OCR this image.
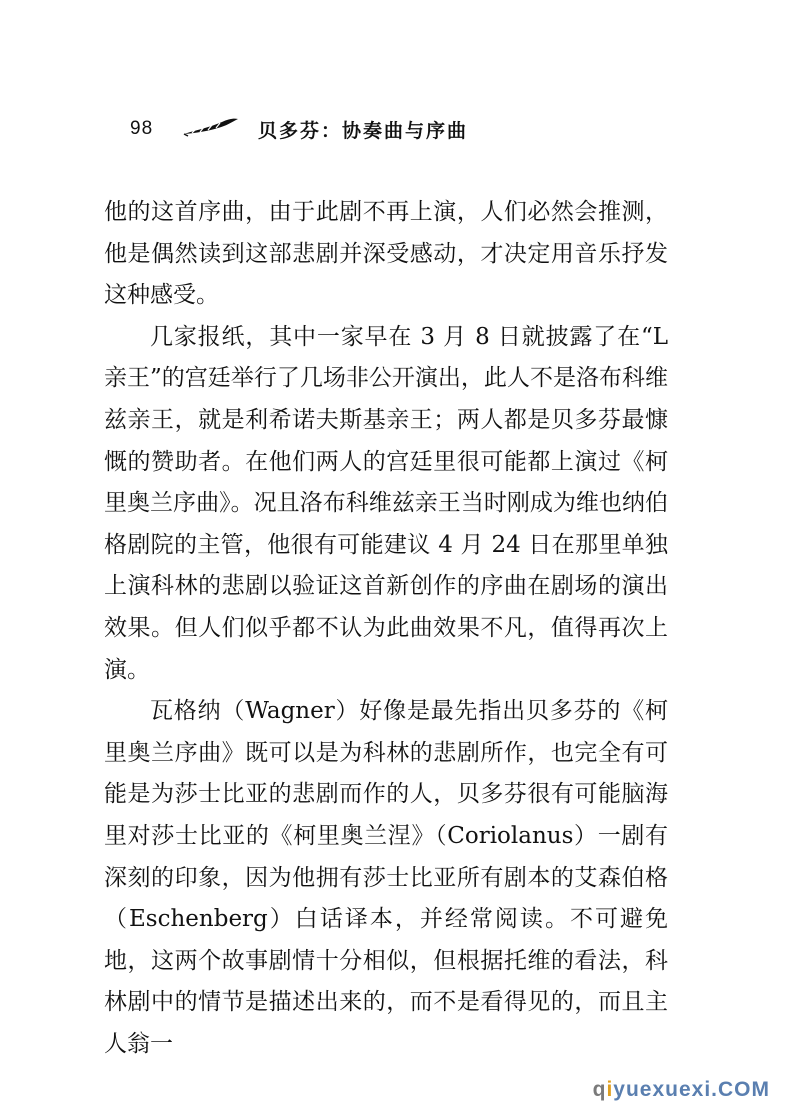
98	贝多芬：协奏曲与序曲

他的这首序曲，由于此剧不再上演，人们必然会推测，他是偶然读到这部悲剧并深受感动，才决定用音乐抒发这种感受。

几家报纸，其中一家早在 3 月 8 日就披露了在“L 亲王”的宫廷举行了几场非公开演出，此人不是洛布科维兹亲王，就是利希诺夫斯基亲王；两人都是贝多芬最慷慨的赞助者。在他们两人的宫廷里很可能都上演过《柯里奥兰序曲》。况且洛布科维兹亲王当时刚成为维也纳伯格剧院的主管，他很有可能建议 4 月 24 日在那里单独上演科林的悲剧以验证这首新创作的序曲在剧场的演出效果。但人们似乎都不认为此曲效果不凡，值得再次上演。

瓦格纳（Wagner）好像是最先指出贝多芬的《柯里奥兰序曲》既可以是为科林的悲剧所作，也完全有可能是为莎士比亚的悲剧而作的人，贝多芬很有可能脑海里对莎士比亚的《柯里奥兰涅》（Coriolanus）一剧有深刻的印象，因为他拥有莎士比亚所有剧本的艾森伯格（Eschenberg）白话译本，并经常阅读。不可避免地，这两个故事剧情十分相似，但根据托维的看法，科林剧中的情节是描述出来的，而不是看得见的，而且主人翁一

qiyuexuexi.COM
